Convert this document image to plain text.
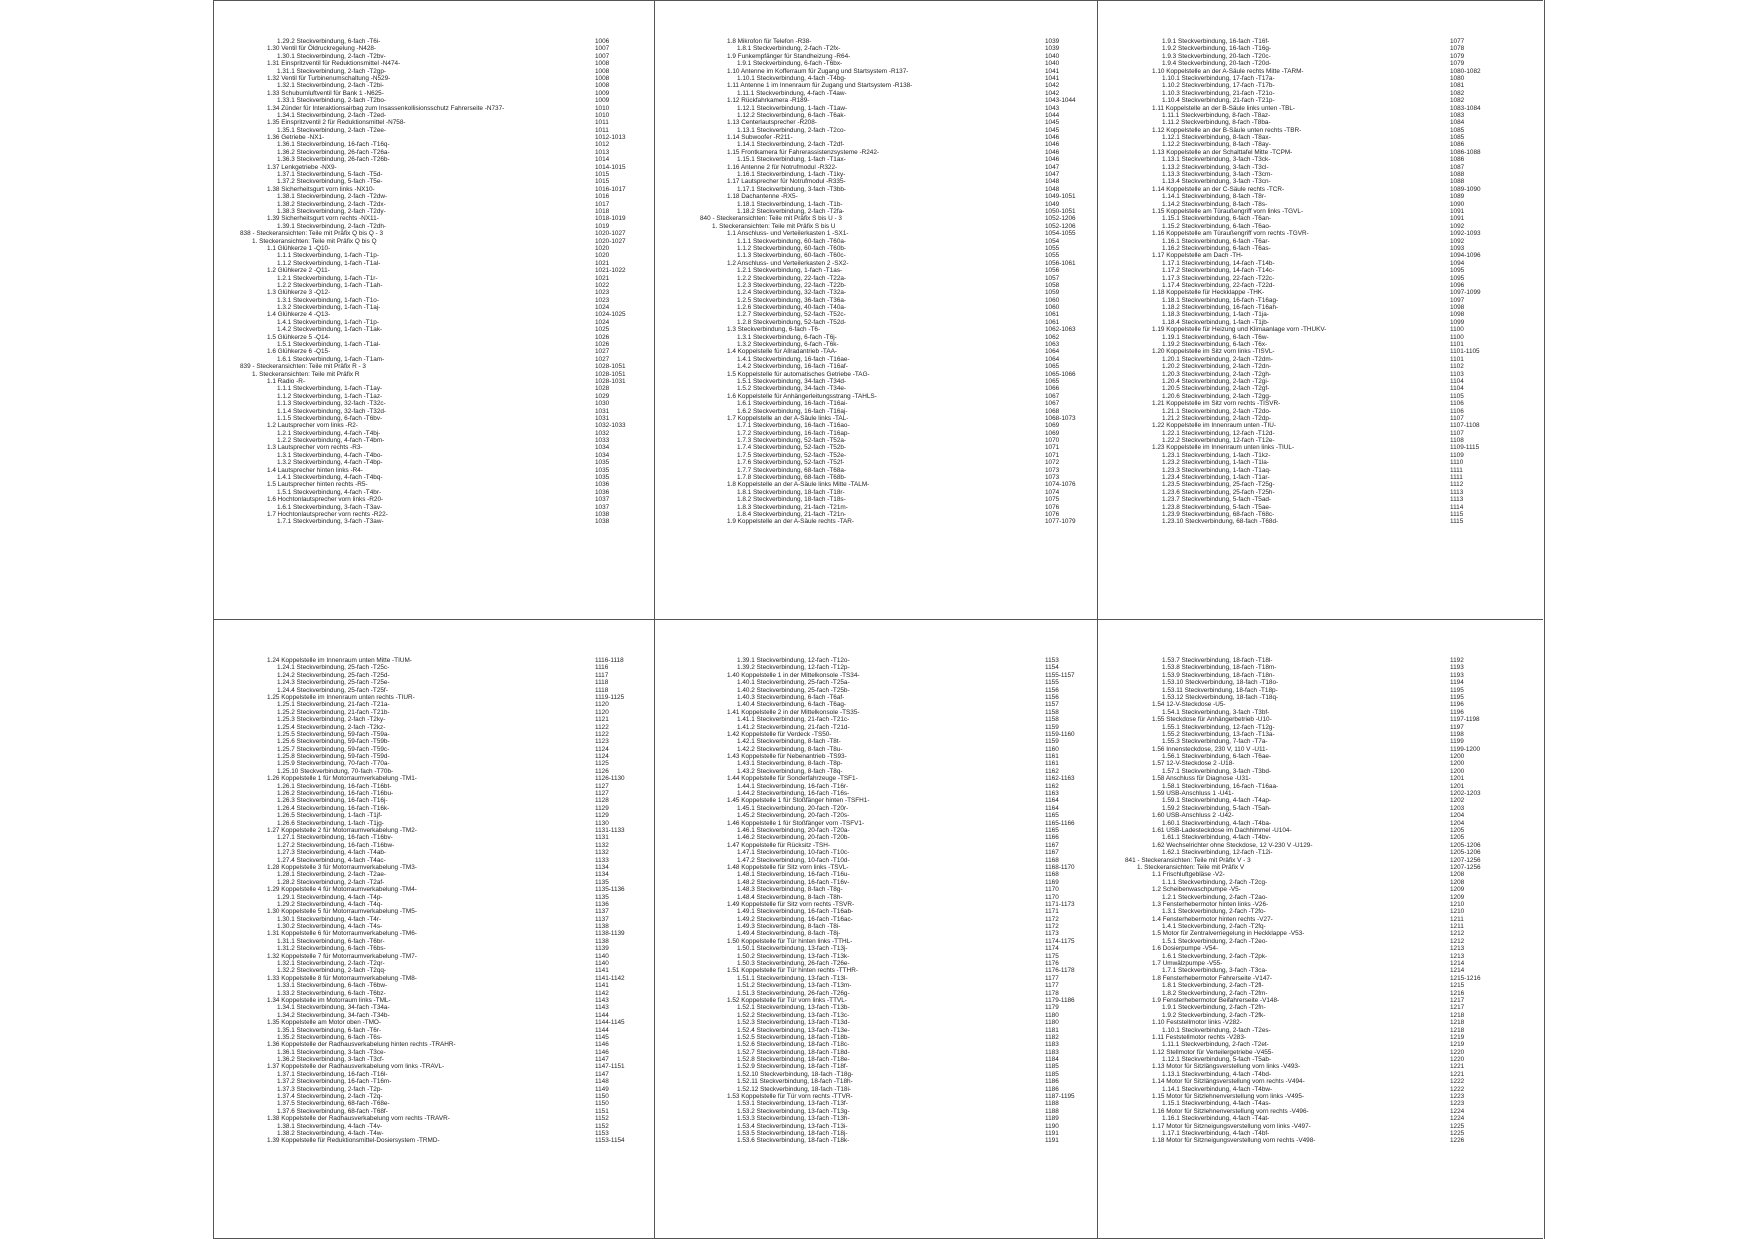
1.29.2 Steckverbindung, 6-fach -T6i-	1006
1.30 Ventil für Öldruckregelung -N428-	1007
1.30.1 Steckverbindung, 2-fach -T2bv-	1007
1.31 Einspritzventil für Reduktionsmittel -N474-	1008
1.31.1 Steckverbindung, 2-fach -T2gp-	1008
1.32 Ventil für Turbinenumschaltung -N529-	1008
1.32.1 Steckverbindung, 2-fach -T2bi-	1008
1.33 Schubumluftventil für Bank 1 -N625-	1009
1.33.1 Steckverbindung, 2-fach -T2bo-	1009
1.34 Zünder für Interaktionsairbag zum Insassenkollisionsschutz Fahrerseite -N737-	1010
1.34.1 Steckverbindung, 2-fach -T2ed-	1010
1.35 Einspritzventil 2 für Reduktionsmittel -N758-	1011
1.35.1 Steckverbindung, 2-fach -T2ee-	1011
1.36 Getriebe -NX1-	1012-1013
1.36.1 Steckverbindung, 16-fach -T16q-	1012
1.36.2 Steckverbindung, 26-fach -T26a-	1013
1.36.3 Steckverbindung, 26-fach -T26b-	1014
1.37 Lenkgetriebe -NX9-	1014-1015
1.37.1 Steckverbindung, 5-fach -T5d-	1015
1.37.2 Steckverbindung, 5-fach -T5e-	1015
1.38 Sicherheitsgurt vorn links -NX10-	1016-1017
1.38.1 Steckverbindung, 2-fach -T2dw-	1016
1.38.2 Steckverbindung, 2-fach -T2dx-	1017
1.38.3 Steckverbindung, 2-fach -T2dy-	1018
1.39 Sicherheitsgurt vorn rechts -NX11-	1018-1019
1.39.1 Steckverbindung, 2-fach -T2dh-	1019
838 - Steckeransichten: Teile mit Präfix Q bis Q - 3	1020-1027
1. Steckeransichten: Teile mit Präfix Q bis Q	1020-1027
1.1 Glühkerze 1 -Q10-	1020
1.1.1 Steckverbindung, 1-fach -T1p-	1020
1.1.2 Steckverbindung, 1-fach -T1al-	1021
1.2 Glühkerze 2 -Q11-	1021-1022
1.2.1 Steckverbindung, 1-fach -T1r-	1021
1.2.2 Steckverbindung, 1-fach -T1ah-	1022
1.3 Glühkerze 3 -Q12-	1023
1.3.1 Steckverbindung, 1-fach -T1o-	1023
1.3.2 Steckverbindung, 1-fach -T1aj-	1024
1.4 Glühkerze 4 -Q13-	1024-1025
1.4.1 Steckverbindung, 1-fach -T1p-	1024
1.4.2 Steckverbindung, 1-fach -T1ak-	1025
1.5 Glühkerze 5 -Q14-	1026
1.5.1 Steckverbindung, 1-fach -T1al-	1026
1.6 Glühkerze 6 -Q15-	1027
1.6.1 Steckverbindung, 1-fach -T1am-	1027
839 - Steckeransichten: Teile mit Präfix R - 3	1028-1051
1. Steckeransichten: Teile mit Präfix R	1028-1051
1.1 Radio -R-	1028-1031
1.1.1 Steckverbindung, 1-fach -T1ay-	1028
1.1.2 Steckverbindung, 1-fach -T1az-	1029
1.1.3 Steckverbindung, 32-fach -T32c-	1030
1.1.4 Steckverbindung, 32-fach -T32d-	1031
1.1.5 Steckverbindung, 6-fach -T6bv-	1031
1.2 Lautsprecher vorn links -R2-	1032-1033
1.2.1 Steckverbindung, 4-fach -T4bj-	1032
1.2.2 Steckverbindung, 4-fach -T4bm-	1033
1.3 Lautsprecher vorn rechts -R3-	1034
1.3.1 Steckverbindung, 4-fach -T4bo-	1034
1.3.2 Steckverbindung, 4-fach -T4bp-	1035
1.4 Lautsprecher hinten links -R4-	1035
1.4.1 Steckverbindung, 4-fach -T4bq-	1035
1.5 Lautsprecher hinten rechts -R5-	1036
1.5.1 Steckverbindung, 4-fach -T4br-	1036
1.6 Hochtonlautsprecher vorn links -R20-	1037
1.6.1 Steckverbindung, 3-fach -T3av-	1037
1.7 Hochtonlautsprecher vorn rechts -R22-	1038
1.7.1 Steckverbindung, 3-fach -T3aw-	1038
1.8 Mikrofon für Telefon -R38-	1039
1.8.1 Steckverbindung, 2-fach -T2fx-	1039
1.9 Funkempfänger für Standheizung -R64-	1040
1.9.1 Steckverbindung, 6-fach -T6bx-	1040
1.10 Antenne im Kofferraum für Zugang und Startsystem -R137-	1041
1.10.1 Steckverbindung, 4-fach -T4bg-	1041
1.11 Antenne 1 im Innenraum für Zugang und Startsystem -R138-	1042
1.11.1 Steckverbindung, 4-fach -T4aw-	1042
1.12 Rückfahrkamera -R189-	1043-1044
1.12.1 Steckverbindung, 1-fach -T1aw-	1043
1.12.2 Steckverbindung, 6-fach -T6ak-	1044
1.13 Centerlautsprecher -R208-	1045
1.13.1 Steckverbindung, 2-fach -T2co-	1045
1.14 Subwoofer -R211-	1046
1.14.1 Steckverbindung, 2-fach -T2df-	1046
1.15 Frontkamera für Fahrerassistenzsysteme -R242-	1046
1.15.1 Steckverbindung, 1-fach -T1ax-	1046
1.16 Antenne 2 für Notrufmodul -R322-	1047
1.16.1 Steckverbindung, 1-fach -T1ky-	1047
1.17 Lautsprecher für Notrufmodul -R335-	1048
1.17.1 Steckverbindung, 3-fach -T3bb-	1048
1.18 Dachantenne -RX5-	1049-1051
1.18.1 Steckverbindung, 1-fach -T1b-	1049
1.18.2 Steckverbindung, 2-fach -T2fa-	1050-1051
840 - Steckeransichten: Teile mit Präfix S bis U - 3	1052-1206
1. Steckeransichten: Teile mit Präfix S bis U	1052-1206
1.1 Anschluss- und Verteilerkasten 1 -SX1-	1054-1055
1.1.1 Steckverbindung, 60-fach -T60a-	1054
1.1.2 Steckverbindung, 60-fach -T60b-	1055
1.1.3 Steckverbindung, 60-fach -T60c-	1055
1.2 Anschluss- und Verteilerkasten 2 -SX2-	1056-1061
1.2.1 Steckverbindung, 1-fach -T1as-	1056
1.2.2 Steckverbindung, 22-fach -T22a-	1057
1.2.3 Steckverbindung, 22-fach -T22b-	1058
1.2.4 Steckverbindung, 32-fach -T32a-	1059
1.2.5 Steckverbindung, 36-fach -T36a-	1060
1.2.6 Steckverbindung, 40-fach -T40a-	1060
1.2.7 Steckverbindung, 52-fach -T52c-	1061
1.2.8 Steckverbindung, 52-fach -T52d-	1061
1.3 Steckverbindung, 6-fach -T6-	1062-1063
1.3.1 Steckverbindung, 6-fach -T6j-	1062
1.3.2 Steckverbindung, 6-fach -T6k-	1063
1.4 Koppelstelle für Allradantrieb -TAA-	1064
1.4.1 Steckverbindung, 16-fach -T16ae-	1064
1.4.2 Steckverbindung, 16-fach -T16af-	1065
1.5 Koppelstelle für automatisches Getriebe -TAG-	1065-1066
1.5.1 Steckverbindung, 34-fach -T34d-	1065
1.5.2 Steckverbindung, 34-fach -T34e-	1066
1.6 Koppelstelle für Anhängerleitungsstrang -TAHLS-	1067
1.6.1 Steckverbindung, 16-fach -T16ai-	1067
1.6.2 Steckverbindung, 16-fach -T16aj-	1068
1.7 Koppelstelle an der A-Säule links -TAL-	1068-1073
1.7.1 Steckverbindung, 16-fach -T16ao-	1069
1.7.2 Steckverbindung, 16-fach -T16ap-	1069
1.7.3 Steckverbindung, 52-fach -T52a-	1070
1.7.4 Steckverbindung, 52-fach -T52b-	1071
1.7.5 Steckverbindung, 52-fach -T52e-	1071
1.7.6 Steckverbindung, 52-fach -T52f-	1072
1.7.7 Steckverbindung, 68-fach -T68a-	1073
1.7.8 Steckverbindung, 68-fach -T68b-	1073
1.8 Koppelstelle an der A-Säule links Mitte -TALM-	1074-1076
1.8.1 Steckverbindung, 18-fach -T18r-	1074
1.8.2 Steckverbindung, 18-fach -T18s-	1075
1.8.3 Steckverbindung, 21-fach -T21m-	1076
1.8.4 Steckverbindung, 21-fach -T21n-	1076
1.9 Koppelstelle an der A-Säule rechts -TAR-	1077-1079
1.9.1 Steckverbindung, 16-fach -T16f-	1077
1.9.2 Steckverbindung, 16-fach -T16g-	1078
1.9.3 Steckverbindung, 20-fach -T20c-	1079
1.9.4 Steckverbindung, 20-fach -T20d-	1079
1.10 Koppelstelle an der A-Säule rechts Mitte -TARM-	1080-1082
1.10.1 Steckverbindung, 17-fach -T17a-	1080
1.10.2 Steckverbindung, 17-fach -T17b-	1081
1.10.3 Steckverbindung, 21-fach -T21o-	1082
1.10.4 Steckverbindung, 21-fach -T21p-	1082
1.11 Koppelstelle an der B-Säule links unten -TBL-	1083-1084
1.11.1 Steckverbindung, 8-fach -T8az-	1083
1.11.2 Steckverbindung, 8-fach -T8ba-	1084
1.12 Koppelstelle an der B-Säule unten rechts -TBR-	1085
1.12.1 Steckverbindung, 8-fach -T8ax-	1085
1.12.2 Steckverbindung, 8-fach -T8ay-	1086
1.13 Koppelstelle an der Schalttafel Mitte -TCPM-	1086-1088
1.13.1 Steckverbindung, 3-fach -T3ck-	1086
1.13.2 Steckverbindung, 3-fach -T3cl-	1087
1.13.3 Steckverbindung, 3-fach -T3cm-	1088
1.13.4 Steckverbindung, 3-fach -T3cn-	1088
1.14 Koppelstelle an der C-Säule rechts -TCR-	1089-1090
1.14.1 Steckverbindung, 8-fach -T8r-	1089
1.14.2 Steckverbindung, 8-fach -T8s-	1090
1.15 Koppelstelle am Türaußengriff vorn links -TGVL-	1091
1.15.1 Steckverbindung, 6-fach -T6an-	1091
1.15.2 Steckverbindung, 6-fach -T6ao-	1092
1.16 Koppelstelle am Türaußengriff vorn rechts -TGVR-	1092-1093
1.16.1 Steckverbindung, 6-fach -T6ar-	1092
1.16.2 Steckverbindung, 6-fach -T6as-	1093
1.17 Koppelstelle am Dach -TH-	1094-1096
1.17.1 Steckverbindung, 14-fach -T14b-	1094
1.17.2 Steckverbindung, 14-fach -T14c-	1095
1.17.3 Steckverbindung, 22-fach -T22c-	1095
1.17.4 Steckverbindung, 22-fach -T22d-	1096
1.18 Koppelstelle für Heckklappe -THK-	1097-1099
1.18.1 Steckverbindung, 16-fach -T16ag-	1097
1.18.2 Steckverbindung, 16-fach -T16ah-	1098
1.18.3 Steckverbindung, 1-fach -T1ja-	1098
1.18.4 Steckverbindung, 1-fach -T1jb-	1099
1.19 Koppelstelle für Heizung und Klimaanlage vorn -THUKV-	1100
1.19.1 Steckverbindung, 6-fach -T6w-	1100
1.19.2 Steckverbindung, 6-fach -T6x-	1101
1.20 Koppelstelle im Sitz vorn links -TISVL-	1101-1105
1.20.1 Steckverbindung, 2-fach -T2dm-	1101
1.20.2 Steckverbindung, 2-fach -T2dn-	1102
1.20.3 Steckverbindung, 2-fach -T2gh-	1103
1.20.4 Steckverbindung, 2-fach -T2gi-	1104
1.20.5 Steckverbindung, 2-fach -T2gf-	1104
1.20.6 Steckverbindung, 2-fach -T2gg-	1105
1.21 Koppelstelle im Sitz vorn rechts -TISVR-	1106
1.21.1 Steckverbindung, 2-fach -T2do-	1106
1.21.2 Steckverbindung, 2-fach -T2dp-	1107
1.22 Koppelstelle im Innenraum unten -TIU-	1107-1108
1.22.1 Steckverbindung, 12-fach -T12d-	1107
1.22.2 Steckverbindung, 12-fach -T12e-	1108
1.23 Koppelstelle im Innenraum unten links -TIUL-	1109-1115
1.23.1 Steckverbindung, 1-fach -T1kz-	1109
1.23.2 Steckverbindung, 1-fach -T1la-	1110
1.23.3 Steckverbindung, 1-fach -T1aq-	1111
1.23.4 Steckverbindung, 1-fach -T1ar-	1111
1.23.5 Steckverbindung, 25-fach -T25g-	1112
1.23.6 Steckverbindung, 25-fach -T25h-	1113
1.23.7 Steckverbindung, 5-fach -T5ad-	1113
1.23.8 Steckverbindung, 5-fach -T5ae-	1114
1.23.9 Steckverbindung, 68-fach -T68c-	1115
1.23.10 Steckverbindung, 68-fach -T68d-	1115
1.24 Koppelstelle im Innenraum unten Mitte -TIUM-	1116-1118
1.24.1 Steckverbindung, 25-fach -T25c-	1116
1.24.2 Steckverbindung, 25-fach -T25d-	1117
1.24.3 Steckverbindung, 25-fach -T25e-	1118
1.24.4 Steckverbindung, 25-fach -T25f-	1118
1.25 Koppelstelle im Innenraum unten rechts -TIUR-	1119-1125
1.25.1 Steckverbindung, 21-fach -T21a-	1120
1.25.2 Steckverbindung, 21-fach -T21b-	1120
1.25.3 Steckverbindung, 2-fach -T2ky-	1121
1.25.4 Steckverbindung, 2-fach -T2kz-	1122
1.25.5 Steckverbindung, 59-fach -T59a-	1122
1.25.6 Steckverbindung, 59-fach -T59b-	1123
1.25.7 Steckverbindung, 59-fach -T59c-	1124
1.25.8 Steckverbindung, 59-fach -T59d-	1124
1.25.9 Steckverbindung, 70-fach -T70a-	1125
1.25.10 Steckverbindung, 70-fach -T70b-	1126
1.26 Koppelstelle 1 für Motorraumverkabelung -TM1-	1126-1130
1.26.1 Steckverbindung, 16-fach -T16bt-	1127
1.26.2 Steckverbindung, 16-fach -T16bu-	1127
1.26.3 Steckverbindung, 16-fach -T16j-	1128
1.26.4 Steckverbindung, 16-fach -T16k-	1129
1.26.5 Steckverbindung, 1-fach -T1jf-	1129
1.26.6 Steckverbindung, 1-fach -T1jg-	1130
1.27 Koppelstelle 2 für Motorraumverkabelung -TM2-	1131-1133
1.27.1 Steckverbindung, 16-fach -T16bv-	1131
1.27.2 Steckverbindung, 16-fach -T16bw-	1132
1.27.3 Steckverbindung, 4-fach -T4ab-	1132
1.27.4 Steckverbindung, 4-fach -T4ac-	1133
1.28 Koppelstelle 3 für Motorraumverkabelung -TM3-	1134
1.28.1 Steckverbindung, 2-fach -T2ae-	1134
1.28.2 Steckverbindung, 2-fach -T2af-	1135
1.29 Koppelstelle 4 für Motorraumverkabelung -TM4-	1135-1136
1.29.1 Steckverbindung, 4-fach -T4p-	1135
1.29.2 Steckverbindung, 4-fach -T4q-	1136
1.30 Koppelstelle 5 für Motorraumverkabelung -TM5-	1137
1.30.1 Steckverbindung, 4-fach -T4r-	1137
1.30.2 Steckverbindung, 4-fach -T4s-	1138
1.31 Koppelstelle 6 für Motorraumverkabelung -TM6-	1138-1139
1.31.1 Steckverbindung, 6-fach -T6br-	1138
1.31.2 Steckverbindung, 6-fach -T6bs-	1139
1.32 Koppelstelle 7 für Motorraumverkabelung -TM7-	1140
1.32.1 Steckverbindung, 2-fach -T2qr-	1140
1.32.2 Steckverbindung, 2-fach -T2qq-	1141
1.33 Koppelstelle 8 für Motorraumverkabelung -TM8-	1141-1142
1.33.1 Steckverbindung, 6-fach -T6bw-	1141
1.33.2 Steckverbindung, 6-fach -T6bz-	1142
1.34 Koppelstelle im Motorraum links -TML-	1143
1.34.1 Steckverbindung, 34-fach -T34a-	1143
1.34.2 Steckverbindung, 34-fach -T34b-	1144
1.35 Koppelstelle am Motor oben -TMO-	1144-1145
1.35.1 Steckverbindung, 6-fach -T6r-	1144
1.35.2 Steckverbindung, 6-fach -T6s-	1145
1.36 Koppelstelle der Radhausverkabelung hinten rechts -TRAHR-	1146
1.36.1 Steckverbindung, 3-fach -T3ce-	1146
1.36.2 Steckverbindung, 3-fach -T3cf-	1147
1.37 Koppelstelle der Radhausverkabelung vorn links -TRAVL-	1147-1151
1.37.1 Steckverbindung, 16-fach -T16l-	1147
1.37.2 Steckverbindung, 16-fach -T16m-	1148
1.37.3 Steckverbindung, 2-fach -T2p-	1149
1.37.4 Steckverbindung, 2-fach -T2q-	1150
1.37.5 Steckverbindung, 68-fach -T68e-	1150
1.37.6 Steckverbindung, 68-fach -T68f-	1151
1.38 Koppelstelle der Radhausverkabelung vorn rechts -TRAVR-	1152
1.38.1 Steckverbindung, 4-fach -T4v-	1152
1.38.2 Steckverbindung, 4-fach -T4w-	1153
1.39 Koppelstelle für Reduktionsmittel-Dosiersystem -TRMD-	1153-1154
1.39.1 Steckverbindung, 12-fach -T12o-	1153
1.39.2 Steckverbindung, 12-fach -T12p-	1154
1.40 Koppelstelle 1 in der Mittelkonsole -TS34-	1155-1157
1.40.1 Steckverbindung, 25-fach -T25a-	1155
1.40.2 Steckverbindung, 25-fach -T25b-	1156
1.40.3 Steckverbindung, 6-fach -T6af-	1156
1.40.4 Steckverbindung, 6-fach -T6ag-	1157
1.41 Koppelstelle 2 in der Mittelkonsole -TS35-	1158
1.41.1 Steckverbindung, 21-fach -T21c-	1158
1.41.2 Steckverbindung, 21-fach -T21d-	1159
1.42 Koppelstelle für Verdeck -TS50-	1159-1160
1.42.1 Steckverbindung, 8-fach -T8t-	1159
1.42.2 Steckverbindung, 8-fach -T8u-	1160
1.43 Koppelstelle für Nebenantrieb -TS93-	1161
1.43.1 Steckverbindung, 8-fach -T8p-	1161
1.43.2 Steckverbindung, 8-fach -T8q-	1162
1.44 Koppelstelle für Sonderfahrzeuge -TSF1-	1162-1163
1.44.1 Steckverbindung, 16-fach -T16r-	1162
1.44.2 Steckverbindung, 16-fach -T16s-	1163
1.45 Koppelstelle 1 für Stoßfänger hinten -TSFH1-	1164
1.45.1 Steckverbindung, 20-fach -T20r-	1164
1.45.2 Steckverbindung, 20-fach -T20s-	1165
1.46 Koppelstelle 1 für Stoßfänger vorn -TSFV1-	1165-1166
1.46.1 Steckverbindung, 20-fach -T20a-	1165
1.46.2 Steckverbindung, 20-fach -T20b-	1166
1.47 Koppelstelle für Rücksitz -TSH-	1167
1.47.1 Steckverbindung, 10-fach -T10c-	1167
1.47.2 Steckverbindung, 10-fach -T10d-	1168
1.48 Koppelstelle für Sitz vorn links -TSVL-	1168-1170
1.48.1 Steckverbindung, 16-fach -T16u-	1168
1.48.2 Steckverbindung, 16-fach -T16v-	1169
1.48.3 Steckverbindung, 8-fach -T8g-	1170
1.48.4 Steckverbindung, 8-fach -T8h-	1170
1.49 Koppelstelle für Sitz vorn rechts -TSVR-	1171-1173
1.49.1 Steckverbindung, 16-fach -T16ab-	1171
1.49.2 Steckverbindung, 16-fach -T16ac-	1172
1.49.3 Steckverbindung, 8-fach -T8i-	1172
1.49.4 Steckverbindung, 8-fach -T8j-	1173
1.50 Koppelstelle für Tür hinten links -TTHL-	1174-1175
1.50.1 Steckverbindung, 13-fach -T13j-	1174
1.50.2 Steckverbindung, 13-fach -T13k-	1175
1.50.3 Steckverbindung, 26-fach -T26e-	1176
1.51 Koppelstelle für Tür hinten rechts -TTHR-	1176-1178
1.51.1 Steckverbindung, 13-fach -T13l-	1177
1.51.2 Steckverbindung, 13-fach -T13m-	1177
1.51.3 Steckverbindung, 26-fach -T26g-	1178
1.52 Koppelstelle für Tür vorn links -TTVL-	1179-1186
1.52.1 Steckverbindung, 13-fach -T13b-	1179
1.52.2 Steckverbindung, 13-fach -T13c-	1180
1.52.3 Steckverbindung, 13-fach -T13d-	1180
1.52.4 Steckverbindung, 13-fach -T13e-	1181
1.52.5 Steckverbindung, 18-fach -T18b-	1182
1.52.6 Steckverbindung, 18-fach -T18c-	1183
1.52.7 Steckverbindung, 18-fach -T18d-	1183
1.52.8 Steckverbindung, 18-fach -T18e-	1184
1.52.9 Steckverbindung, 18-fach -T18f-	1185
1.52.10 Steckverbindung, 18-fach -T18g-	1185
1.52.11 Steckverbindung, 18-fach -T18h-	1186
1.52.12 Steckverbindung, 18-fach -T18i-	1186
1.53 Koppelstelle für Tür vorn rechts -TTVR-	1187-1195
1.53.1 Steckverbindung, 13-fach -T13f-	1188
1.53.2 Steckverbindung, 13-fach -T13g-	1188
1.53.3 Steckverbindung, 13-fach -T13h-	1189
1.53.4 Steckverbindung, 13-fach -T13i-	1190
1.53.5 Steckverbindung, 18-fach -T18j-	1191
1.53.6 Steckverbindung, 18-fach -T18k-	1191
1.53.7 Steckverbindung, 18-fach -T18l-	1192
1.53.8 Steckverbindung, 18-fach -T18m-	1193
1.53.9 Steckverbindung, 18-fach -T18n-	1193
1.53.10 Steckverbindung, 18-fach -T18o-	1194
1.53.11 Steckverbindung, 18-fach -T18p-	1195
1.53.12 Steckverbindung, 18-fach -T18q-	1195
1.54 12-V-Steckdose -U5-	1196
1.54.1 Steckverbindung, 3-fach -T3bf-	1196
1.55 Steckdose für Anhängerbetrieb -U10-	1197-1198
1.55.1 Steckverbindung, 12-fach -T12g-	1197
1.55.2 Steckverbindung, 13-fach -T13a-	1198
1.55.3 Steckverbindung, 7-fach -T7a-	1199
1.56 Innensteckdose, 230 V, 110 V -U11-	1199-1200
1.56.1 Steckverbindung, 6-fach -T6ae-	1200
1.57 12-V-Steckdose 2 -U18-	1200
1.57.1 Steckverbindung, 3-fach -T3bd-	1200
1.58 Anschluss für Diagnose -U31-	1201
1.58.1 Steckverbindung, 16-fach -T16aa-	1201
1.59 USB-Anschluss 1 -U41-	1202-1203
1.59.1 Steckverbindung, 4-fach -T4ap-	1202
1.59.2 Steckverbindung, 5-fach -T5ah-	1203
1.60 USB-Anschluss 2 -U42-	1204
1.60.1 Steckverbindung, 4-fach -T4ba-	1204
1.61 USB-Ladesteckdose im Dachhimmel -U104-	1205
1.61.1 Steckverbindung, 4-fach -T4bv-	1205
1.62 Wechselrichter ohne Steckdose, 12 V-230 V -U129-	1205-1206
1.62.1 Steckverbindung, 12-fach -T12i-	1205-1206
841 - Steckeransichten: Teile mit Präfix V - 3	1207-1256
1. Steckeransichten: Teile mit Präfix V	1207-1256
1.1 Frischluftgebläse -V2-	1208
1.1.1 Steckverbindung, 2-fach -T2cg-	1208
1.2 Scheibenwaschpumpe -V5-	1209
1.2.1 Steckverbindung, 2-fach -T2ao-	1209
1.3 Fensterhebermotor hinten links -V26-	1210
1.3.1 Steckverbindung, 2-fach -T2fo-	1210
1.4 Fensterhebermotor hinten rechts -V27-	1211
1.4.1 Steckverbindung, 2-fach -T2fq-	1211
1.5 Motor für Zentralverriegelung in Heckklappe -V53-	1212
1.5.1 Steckverbindung, 2-fach -T2eo-	1212
1.6 Dosierpumpe -V54-	1213
1.6.1 Steckverbindung, 2-fach -T2pk-	1213
1.7 Umwälzpumpe -V55-	1214
1.7.1 Steckverbindung, 3-fach -T3ca-	1214
1.8 Fensterhebermotor Fahrerseite -V147-	1215-1216
1.8.1 Steckverbindung, 2-fach -T2fl-	1215
1.8.2 Steckverbindung, 2-fach -T2fm-	1216
1.9 Fensterhebermotor Beifahrerseite -V148-	1217
1.9.1 Steckverbindung, 2-fach -T2fn-	1217
1.9.2 Steckverbindung, 2-fach -T2fk-	1218
1.10 Feststellmotor links -V282-	1218
1.10.1 Steckverbindung, 2-fach -T2es-	1218
1.11 Feststellmotor rechts -V283-	1219
1.11.1 Steckverbindung, 2-fach -T2et-	1219
1.12 Stellmotor für Verteilergetriebe -V455-	1220
1.12.1 Steckverbindung, 5-fach -T5ab-	1220
1.13 Motor für Sitzlängsverstellung vorn links -V493-	1221
1.13.1 Steckverbindung, 4-fach -T4bd-	1221
1.14 Motor für Sitzlängsverstellung vorn rechts -V494-	1222
1.14.1 Steckverbindung, 4-fach -T4bw-	1222
1.15 Motor für Sitzlehnenverstellung vorn links -V495-	1223
1.15.1 Steckverbindung, 4-fach -T4as-	1223
1.16 Motor für Sitzlehnenverstellung vorn rechts -V496-	1224
1.16.1 Steckverbindung, 4-fach -T4at-	1224
1.17 Motor für Sitzneigungsverstellung vorn links -V497-	1225
1.17.1 Steckverbindung, 4-fach -T4bf-	1225
1.18 Motor für Sitzneigungsverstellung vorn rechts -V498-	1226
